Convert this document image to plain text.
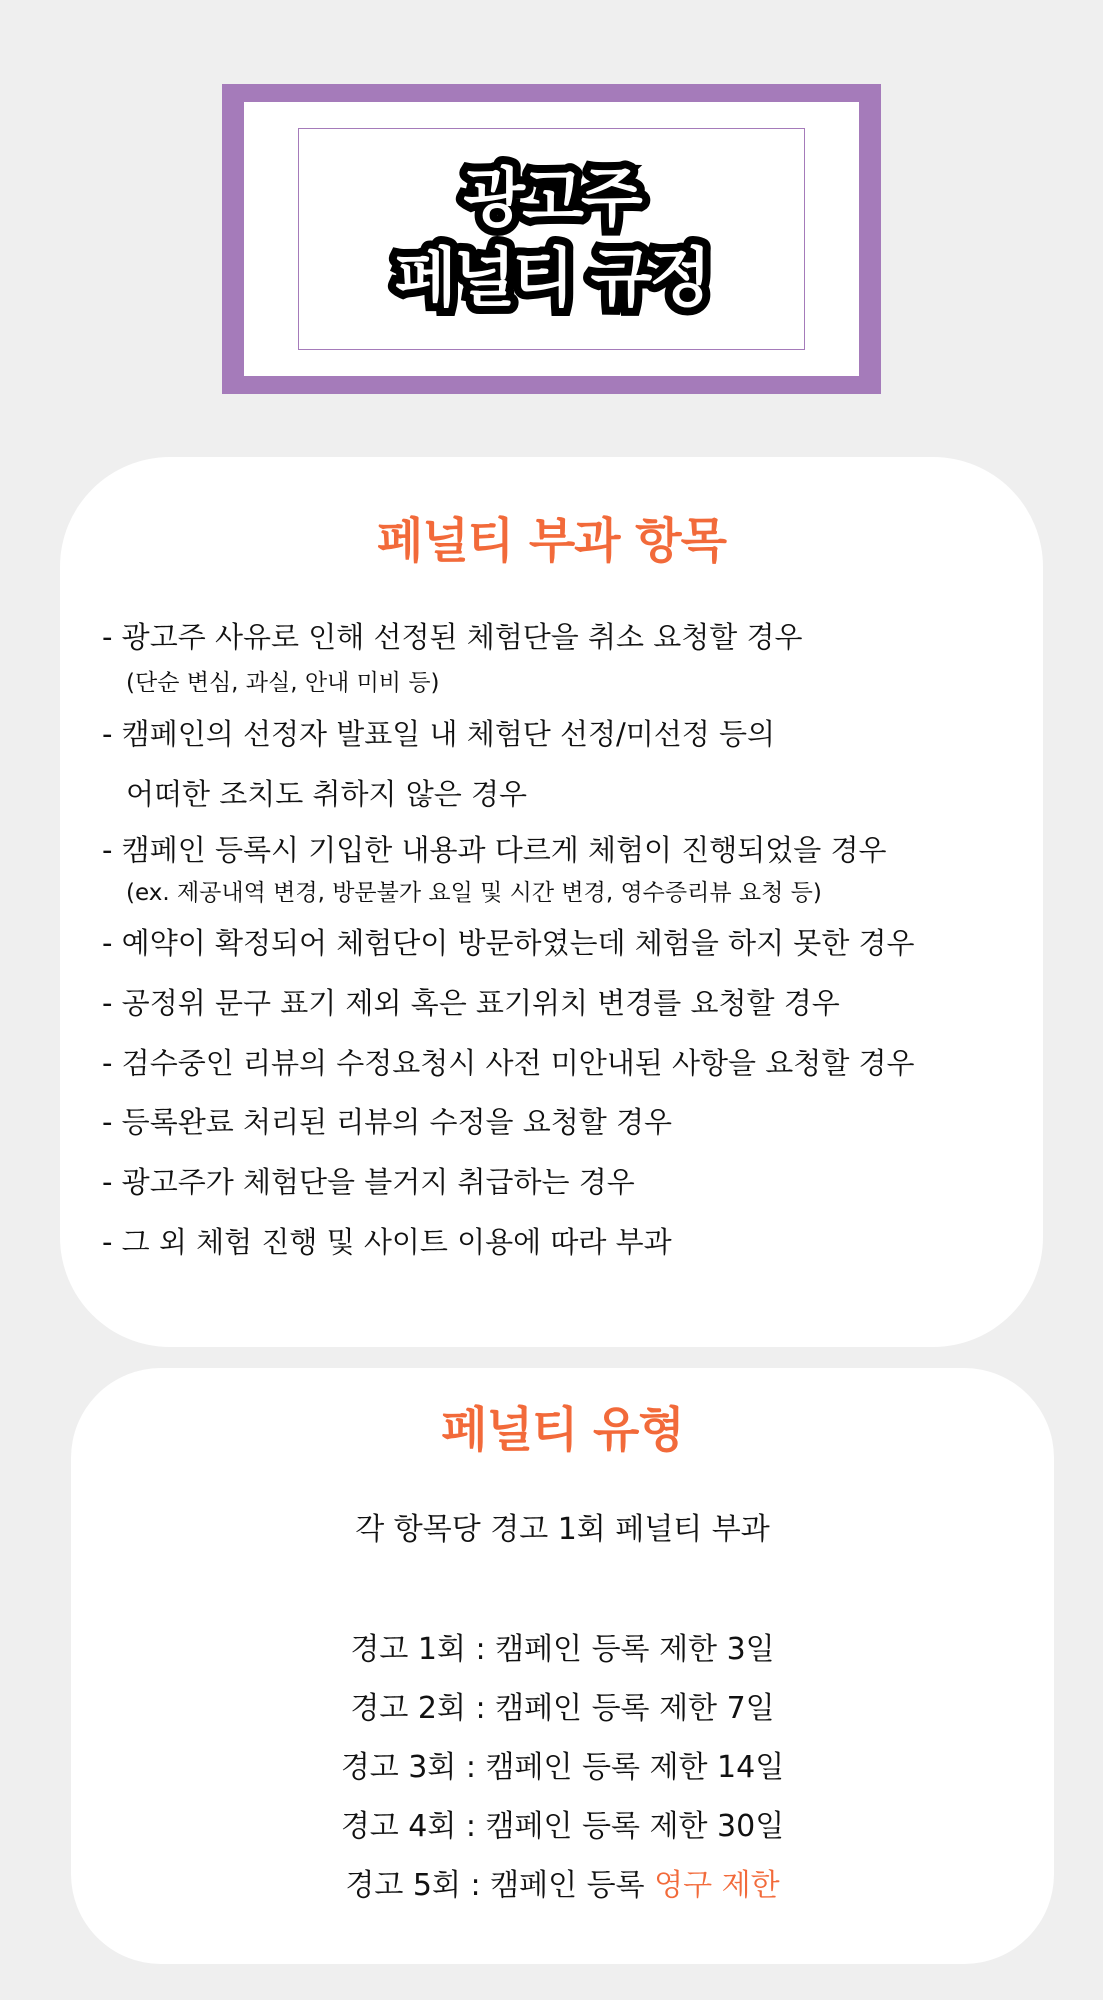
광고주
페널티 규정
페널티 부과 항목
- 광고주 사유로 인해 선정된 체험단을 취소 요청할 경우
(단순 변심, 과실, 안내 미비 등)
- 캠페인의 선정자 발표일 내 체험단 선정/미선정 등의
어떠한 조치도 취하지 않은 경우
- 캠페인 등록시 기입한 내용과 다르게 체험이 진행되었을 경우
(ex. 제공내역 변경, 방문불가 요일 및 시간 변경, 영수증리뷰 요청 등)
- 예약이 확정되어 체험단이 방문하였는데 체험을 하지 못한 경우
- 공정위 문구 표기 제외 혹은 표기위치 변경를 요청할 경우
- 검수중인 리뷰의 수정요청시 사전 미안내된 사항을 요청할 경우
- 등록완료 처리된 리뷰의 수정을 요청할 경우
- 광고주가 체험단을 블거지 취급하는 경우
- 그 외 체험 진행 및 사이트 이용에 따라 부과
페널티 유형
각 항목당 경고 1회 페널티 부과
경고 1회 : 캠페인 등록 제한 3일
경고 2회 : 캠페인 등록 제한 7일
경고 3회 : 캠페인 등록 제한 14일
경고 4회 : 캠페인 등록 제한 30일
경고 5회 : 캠페인 등록 영구 제한
